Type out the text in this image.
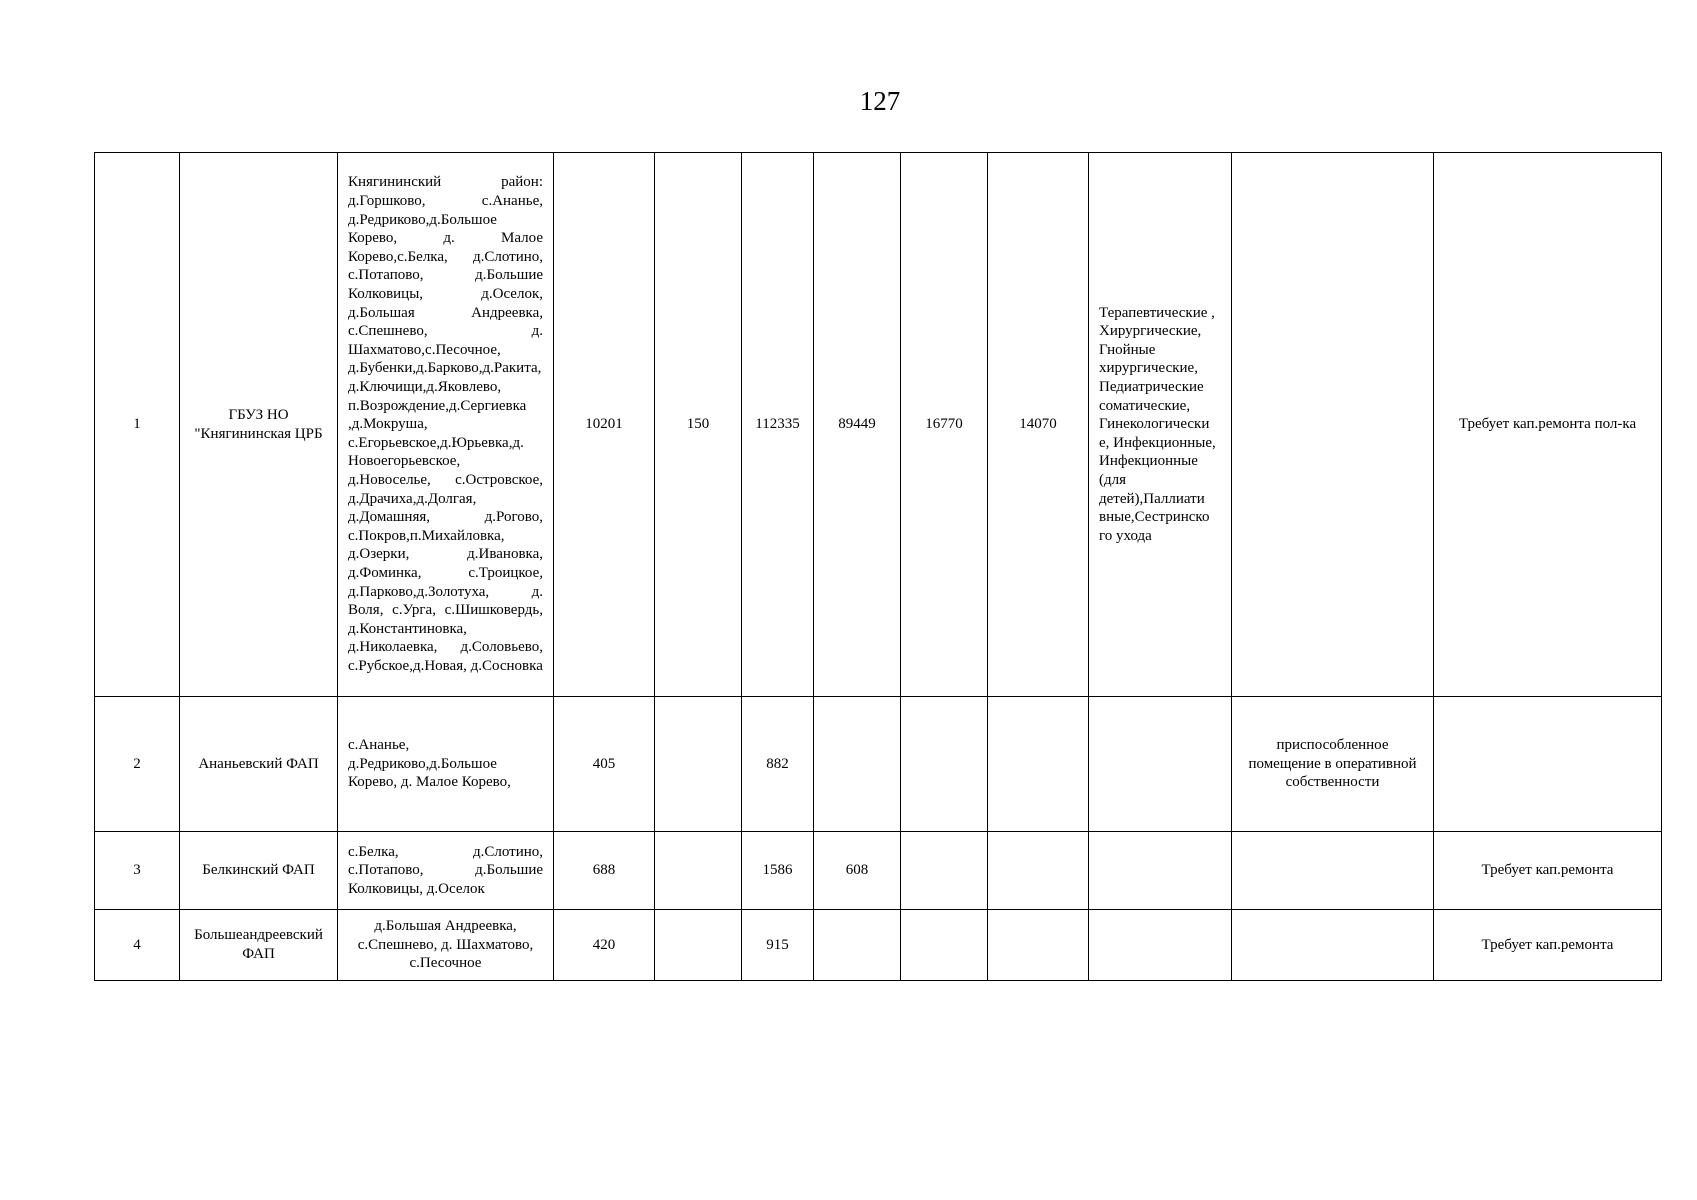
127
1	ГБУЗ НО "Княгининская ЦРБ	Княгининский район: д.Горшково, с.Ананье, д.Редриково,д.Большое Корево, д. Малое Корево,с.Белка, д.Слотино, с.Потапово, д.Большие Колковицы, д.Оселок, д.Большая Андреевка, с.Спешнево, д. Шахматово,с.Песочное, д.Бубенки,д.Барково,д.Ракита,д.Ключищи,д.Яковлево, п.Возрождение,д.Сергиевка ,д.Мокруша, с.Егорьевское,д.Юрьевка,д. Новоегорьевское, д.Новоселье, с.Островское, д.Драчиха,д.Долгая, д.Домашняя, д.Рогово, с.Покров,п.Михайловка, д.Озерки, д.Ивановка, д.Фоминка, с.Троицкое, д.Парково,д.Золотуха, д. Воля, с.Урга, с.Шишковердь, д.Константиновка, д.Николаевка, д.Соловьево, с.Рубское,д.Новая, д.Сосновка	10201	150	112335	89449	16770	14070	Терапевтические , Хирургические, Гнойные хирургические, Педиатрические соматические, Гинекологически е, Инфекционные, Инфекционные (для детей),Паллиати вные,Сестринско го ухода		Требует кап.ремонта пол-ка
2	Ананьевский ФАП	с.Ананье, д.Редриково,д.Большое Корево, д. Малое Корево,	405		882					приспособленное помещение в оперативной собственности	
3	Белкинский ФАП	с.Белка, д.Слотино, с.Потапово, д.Большие Колковицы, д.Оселок	688		1586	608					Требует кап.ремонта
4	Большеандреевский ФАП	д.Большая Андреевка, с.Спешнево, д. Шахматово, с.Песочное	420		915						Требует кап.ремонта
